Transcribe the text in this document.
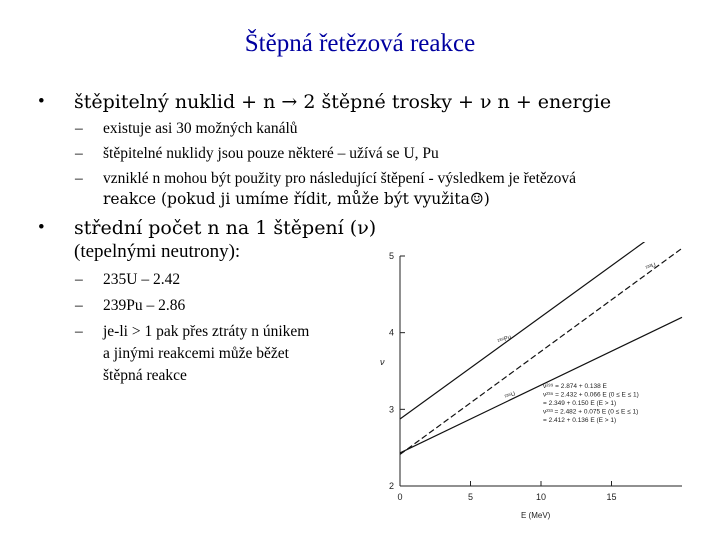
Štěpná řetězová reakce
• štěpitelný nuklid + n → 2 štěpné trosky + ν n + energie
– existuje asi 30 možných kanálů
– štěpitelné nuklidy jsou pouze některé – užívá se U, Pu
– vzniklé n mohou být použity pro následující štěpení - výsledkem je řetězová
reakce (pokud ji umíme řídit, může být využita☺)
• střední počet n na 1 štěpení (ν)
(tepelnými neutrony):
– 235U – 2.42
– 239Pu – 2.86
– je-li > 1 pak přes ztráty n únikem
a jinými reakcemi může běžet
štěpná reakce
0	5	10	15
2
3
4
5
E (MeV)
ν
²³⁹Pu
²³⁵U
²³³U
ν²³⁹ = 2.874 + 0.138 E
ν²³⁵ = 2.432 + 0.066 E (0 ≤ E ≤ 1)
= 2.349 + 0.150 E (E > 1)
ν²³³ = 2.482 + 0.075 E (0 ≤ E ≤ 1)
= 2.412 + 0.136 E (E > 1)
